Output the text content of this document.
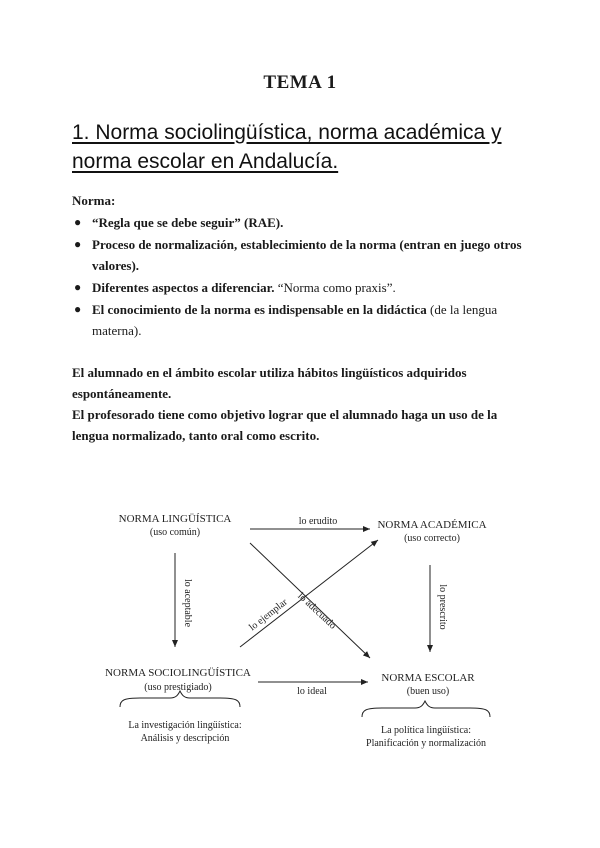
TEMA 1
1. Norma sociolingüística, norma académica y norma escolar en Andalucía.
Norma:
● “Regla que se debe seguir” (RAE).
● Proceso de normalización, establecimiento de la norma (entran en juego otros valores).
● Diferentes aspectos a diferenciar. “Norma como praxis”.
● El conocimiento de la norma es indispensable en la didáctica (de la lengua materna).

El alumnado en el ámbito escolar utiliza hábitos lingüísticos adquiridos espontáneamente.

El profesorado tiene como objetivo lograr que el alumnado haga un uso de la lengua normalizado, tanto oral como escrito.

NORMA LINGÜÍSTICA
(uso común)
NORMA ACADÉMICA
(uso correcto)
NORMA SOCIOLINGÜÍSTICA
(uso prestigiado)
NORMA ESCOLAR
(buen uso)
lo erudito
lo ideal
lo aceptable	lo prescrito
lo adecuado
lo ejemplar
La investigación lingüística:
Análisis y descripción
La política lingüística:
Planificación y normalización
